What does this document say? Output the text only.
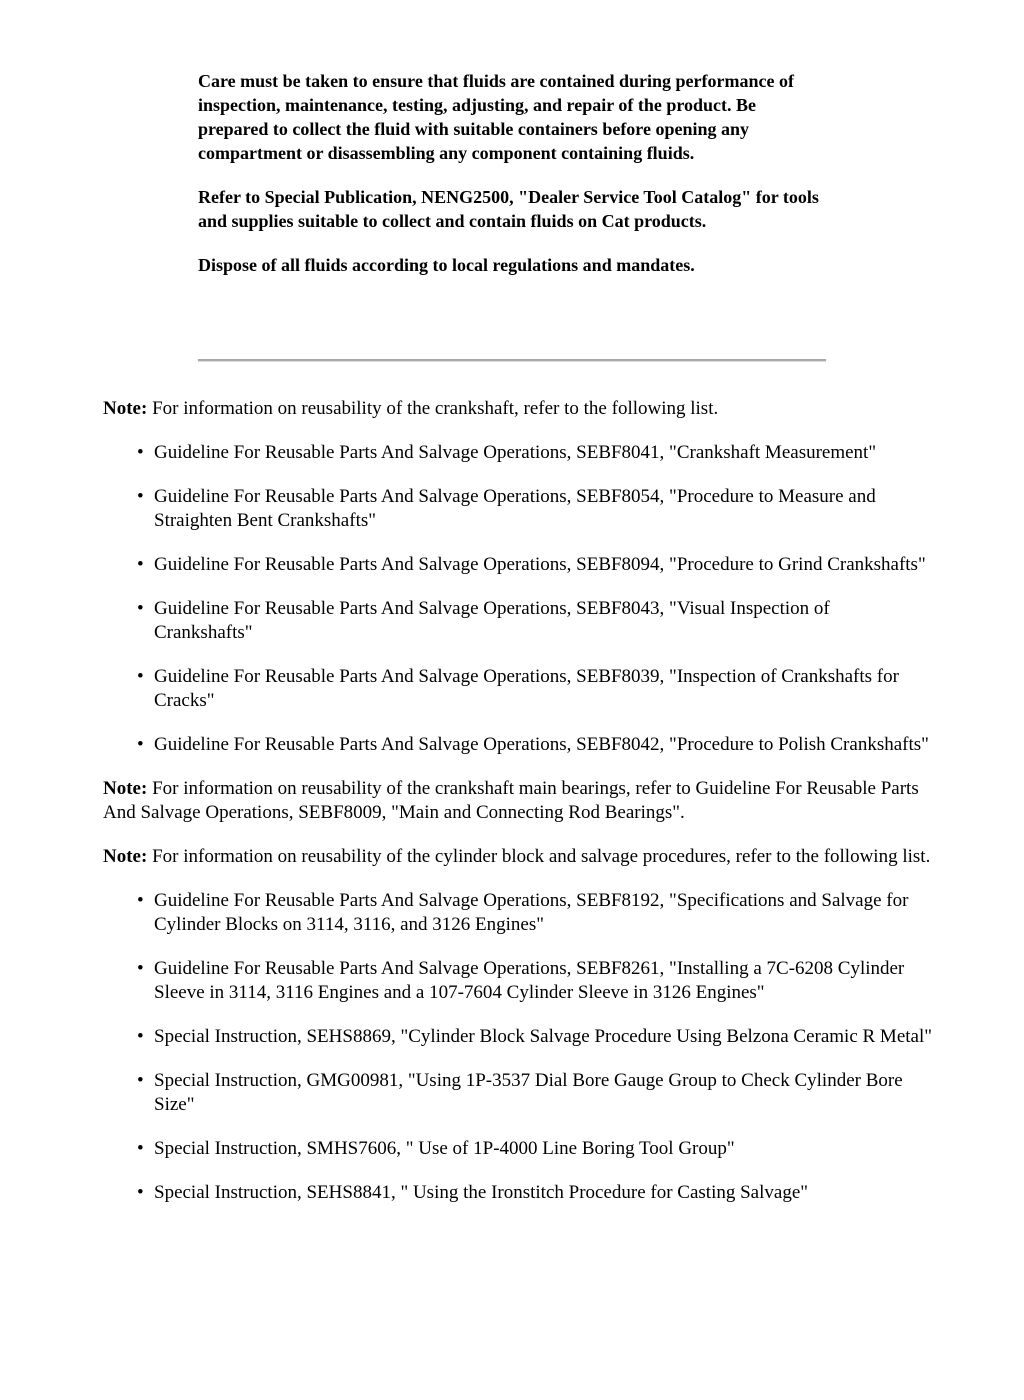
Care must be taken to ensure that fluids are contained during performance of inspection, maintenance, testing, adjusting, and repair of the product. Be prepared to collect the fluid with suitable containers before opening any compartment or disassembling any component containing fluids.

Refer to Special Publication, NENG2500, "Dealer Service Tool Catalog" for tools and supplies suitable to collect and contain fluids on Cat products.

Dispose of all fluids according to local regulations and mandates.

Note: For information on reusability of the crankshaft, refer to the following list.

• Guideline For Reusable Parts And Salvage Operations, SEBF8041, "Crankshaft Measurement"
• Guideline For Reusable Parts And Salvage Operations, SEBF8054, "Procedure to Measure and Straighten Bent Crankshafts"
• Guideline For Reusable Parts And Salvage Operations, SEBF8094, "Procedure to Grind Crankshafts"
• Guideline For Reusable Parts And Salvage Operations, SEBF8043, "Visual Inspection of Crankshafts"
• Guideline For Reusable Parts And Salvage Operations, SEBF8039, "Inspection of Crankshafts for Cracks"
• Guideline For Reusable Parts And Salvage Operations, SEBF8042, "Procedure to Polish Crankshafts"

Note: For information on reusability of the crankshaft main bearings, refer to Guideline For Reusable Parts And Salvage Operations, SEBF8009, "Main and Connecting Rod Bearings".

Note: For information on reusability of the cylinder block and salvage procedures, refer to the following list.

• Guideline For Reusable Parts And Salvage Operations, SEBF8192, "Specifications and Salvage for Cylinder Blocks on 3114, 3116, and 3126 Engines"
• Guideline For Reusable Parts And Salvage Operations, SEBF8261, "Installing a 7C-6208 Cylinder Sleeve in 3114, 3116 Engines and a 107-7604 Cylinder Sleeve in 3126 Engines"
• Special Instruction, SEHS8869, "Cylinder Block Salvage Procedure Using Belzona Ceramic R Metal"
• Special Instruction, GMG00981, "Using 1P-3537 Dial Bore Gauge Group to Check Cylinder Bore Size"
• Special Instruction, SMHS7606, " Use of 1P-4000 Line Boring Tool Group"
• Special Instruction, SEHS8841, " Using the Ironstitch Procedure for Casting Salvage"
